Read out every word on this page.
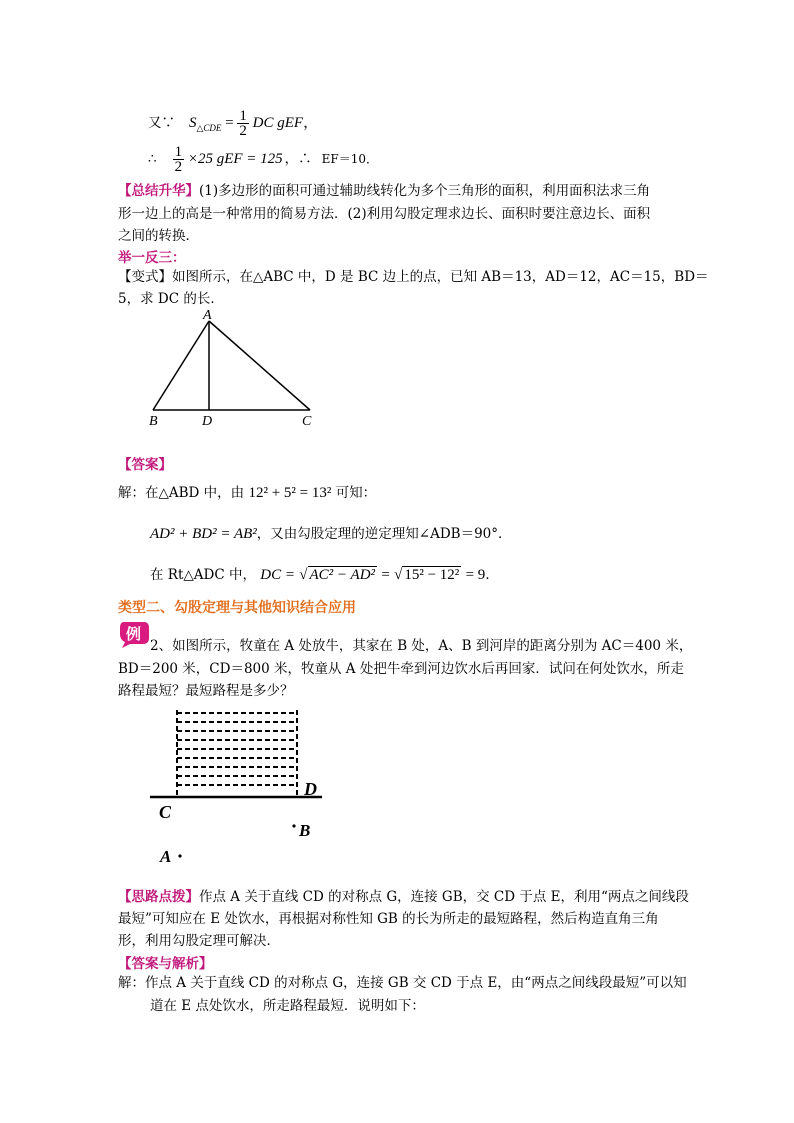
又∵ $S_{\triangle CDE} = \frac{1}{2}$ DC gEF，
∴ $\frac{1}{2} \times 25$ gEF = 125 ，∴ EF＝10．
【总结升华】(1)多边形的面积可通过辅助线转化为多个三角形的面积，利用面积法求三角
形一边上的高是一种常用的简易方法．(2)利用勾股定理求边长、面积时要注意边长、面积
之间的转换．
举一反三：
【变式】如图所示，在△ABC 中，D 是 BC 边上的点，已知 AB＝13，AD＝12，AC＝15，BD＝
5，求 DC 的长．
A
B	D	C
【答案】
解：在△ABD 中，由 12² + 5² = 13² 可知：
AD² + BD² = AB²，又由勾股定理的逆定理知∠ADB＝90°．
在 Rt△ADC 中， DC = √ AC² − AD² = √ 15² − 12² = 9．
类型二、勾股定理与其他知识结合应用
例
2、如图所示，牧童在 A 处放牛，其家在 B 处，A、B 到河岸的距离分别为 AC＝400 米，
BD＝200 米，CD＝800 米，牧童从 A 处把牛牵到河边饮水后再回家．试问在何处饮水，所走
路程最短？最短路程是多少？
C
D
B
A
【思路点拨】作点 A 关于直线 CD 的对称点 G，连接 GB，交 CD 于点 E，利用“两点之间线段
最短”可知应在 E 处饮水，再根据对称性知 GB 的长为所走的最短路程，然后构造直角三角
形，利用勾股定理可解决．
【答案与解析】
解：作点 A 关于直线 CD 的对称点 G，连接 GB 交 CD 于点 E，由“两点之间线段最短”可以知
道在 E 点处饮水，所走路程最短．说明如下：
